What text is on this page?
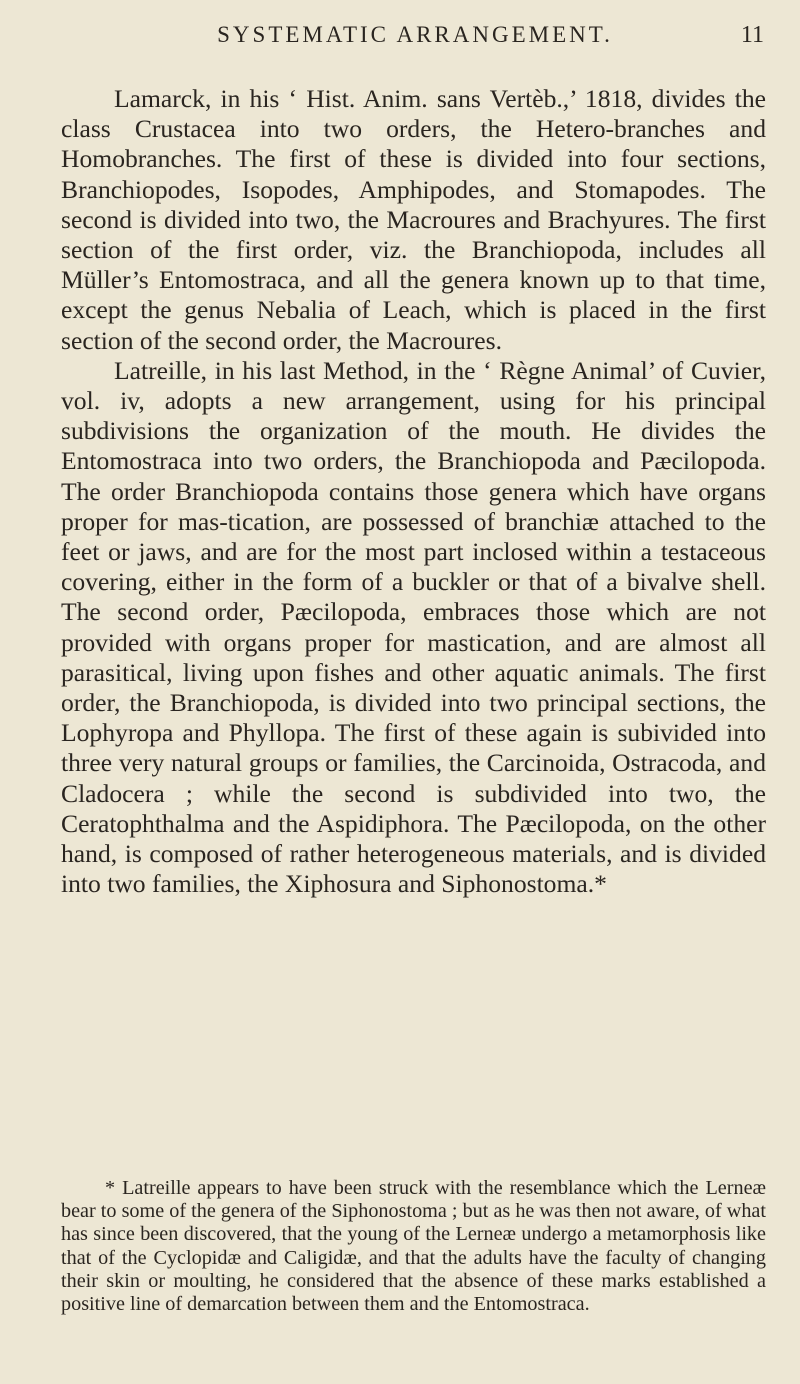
SYSTEMATIC ARRANGEMENT.	11

Lamarck, in his ‘ Hist. Anim. sans Vertèb.,’ 1818, divides the class Crustacea into two orders, the Hetero-branches and Homobranches. The first of these is divided into four sections, Branchiopodes, Isopodes, Amphipodes, and Stomapodes. The second is divided into two, the Macroures and Brachyures. The first section of the first order, viz. the Branchiopoda, includes all Müller’s Entomostraca, and all the genera known up to that time, except the genus Nebalia of Leach, which is placed in the first section of the second order, the Macroures.

Latreille, in his last Method, in the ‘ Règne Animal’ of Cuvier, vol. iv, adopts a new arrangement, using for his principal subdivisions the organization of the mouth. He divides the Entomostraca into two orders, the Branchiopoda and Pæcilopoda. The order Branchiopoda contains those genera which have organs proper for mas-tication, are possessed of branchiæ attached to the feet or jaws, and are for the most part inclosed within a testaceous covering, either in the form of a buckler or that of a bivalve shell. The second order, Pæcilopoda, embraces those which are not provided with organs proper for mastication, and are almost all parasitical, living upon fishes and other aquatic animals. The first order, the Branchiopoda, is divided into two principal sections, the Lophyropa and Phyllopa. The first of these again is subivided into three very natural groups or families, the Carcinoida, Ostracoda, and Cladocera ; while the second is subdivided into two, the Ceratophthalma and the Aspidiphora. The Pæcilopoda, on the other hand, is composed of rather heterogeneous materials, and is divided into two families, the Xiphosura and Siphonostoma.*

* Latreille appears to have been struck with the resemblance which the Lerneæ bear to some of the genera of the Siphonostoma ; but as he was then not aware, of what has since been discovered, that the young of the Lerneæ undergo a metamorphosis like that of the Cyclopidæ and Caligidæ, and that the adults have the faculty of changing their skin or moulting, he considered that the absence of these marks established a positive line of demarcation between them and the Entomostraca.
